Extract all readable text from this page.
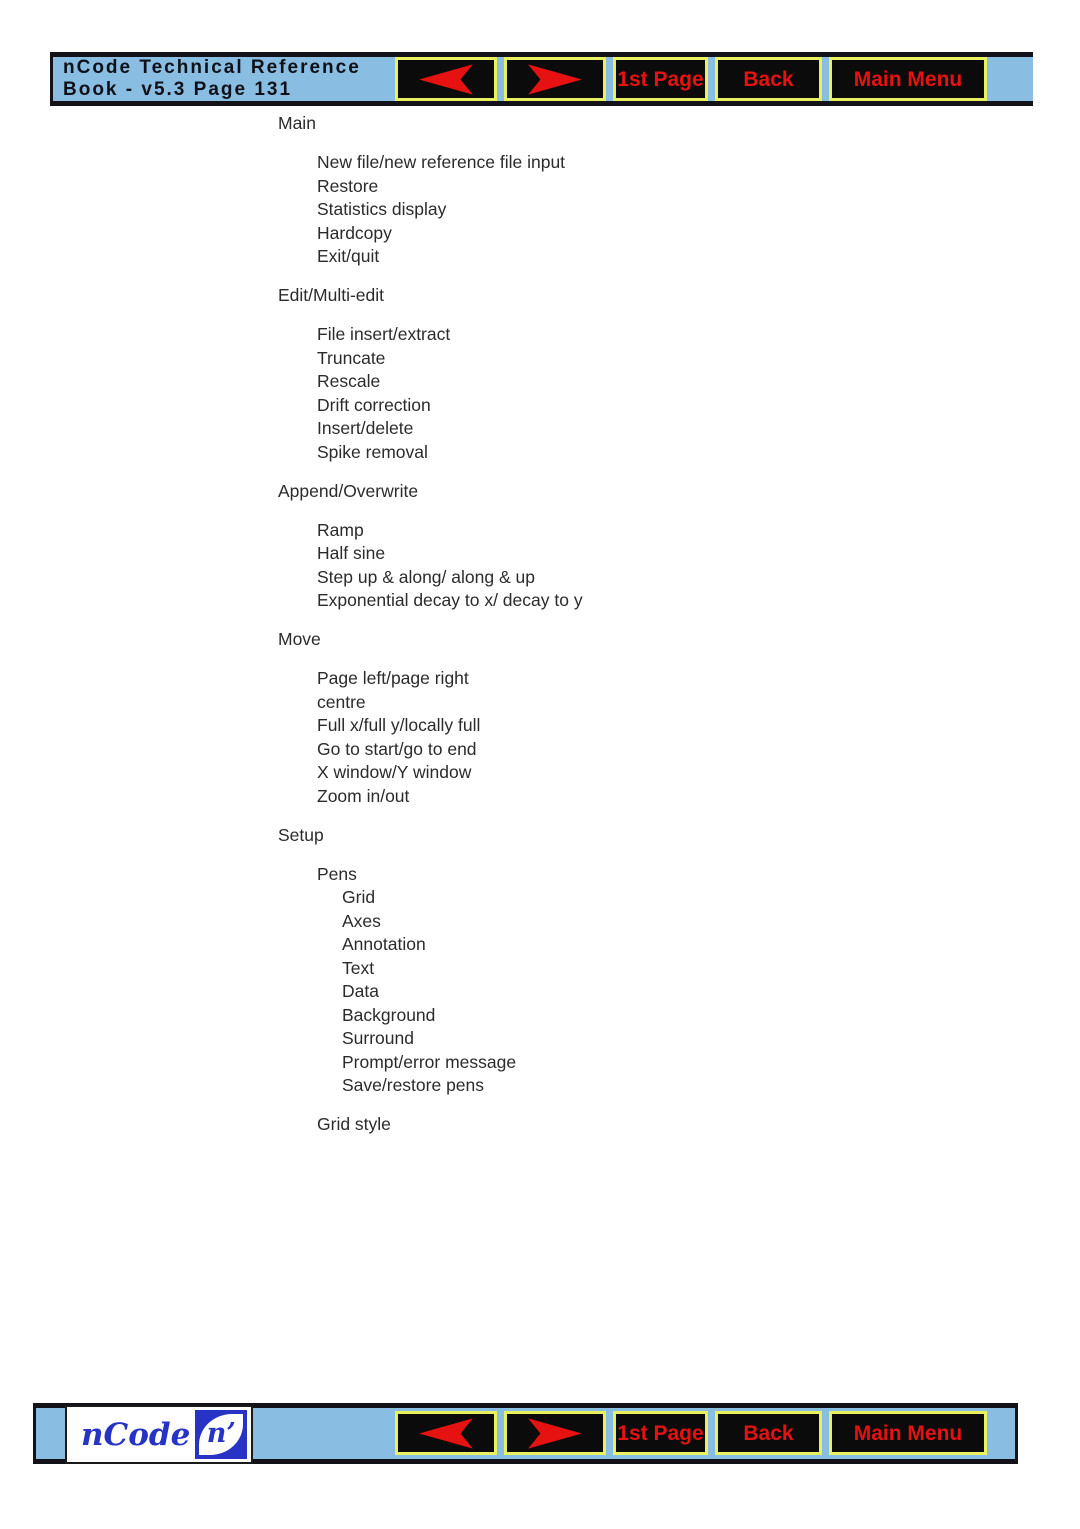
nCode Technical Reference
Book - v5.3 Page 131	1st Page	Back	Main Menu
Main
New file/new reference file input
Restore
Statistics display
Hardcopy
Exit/quit
Edit/Multi-edit
File insert/extract
Truncate
Rescale
Drift correction
Insert/delete
Spike removal
Append/Overwrite
Ramp
Half sine
Step up & along/ along & up
Exponential decay to x/ decay to y
Move
Page left/page right
centre
Full x/full y/locally full
Go to start/go to end
X window/Y window
Zoom in/out
Setup
Pens
Grid
Axes
Annotation
Text
Data
Background
Surround
Prompt/error message
Save/restore pens
Grid style
nCode n’	1st Page	Back	Main Menu
